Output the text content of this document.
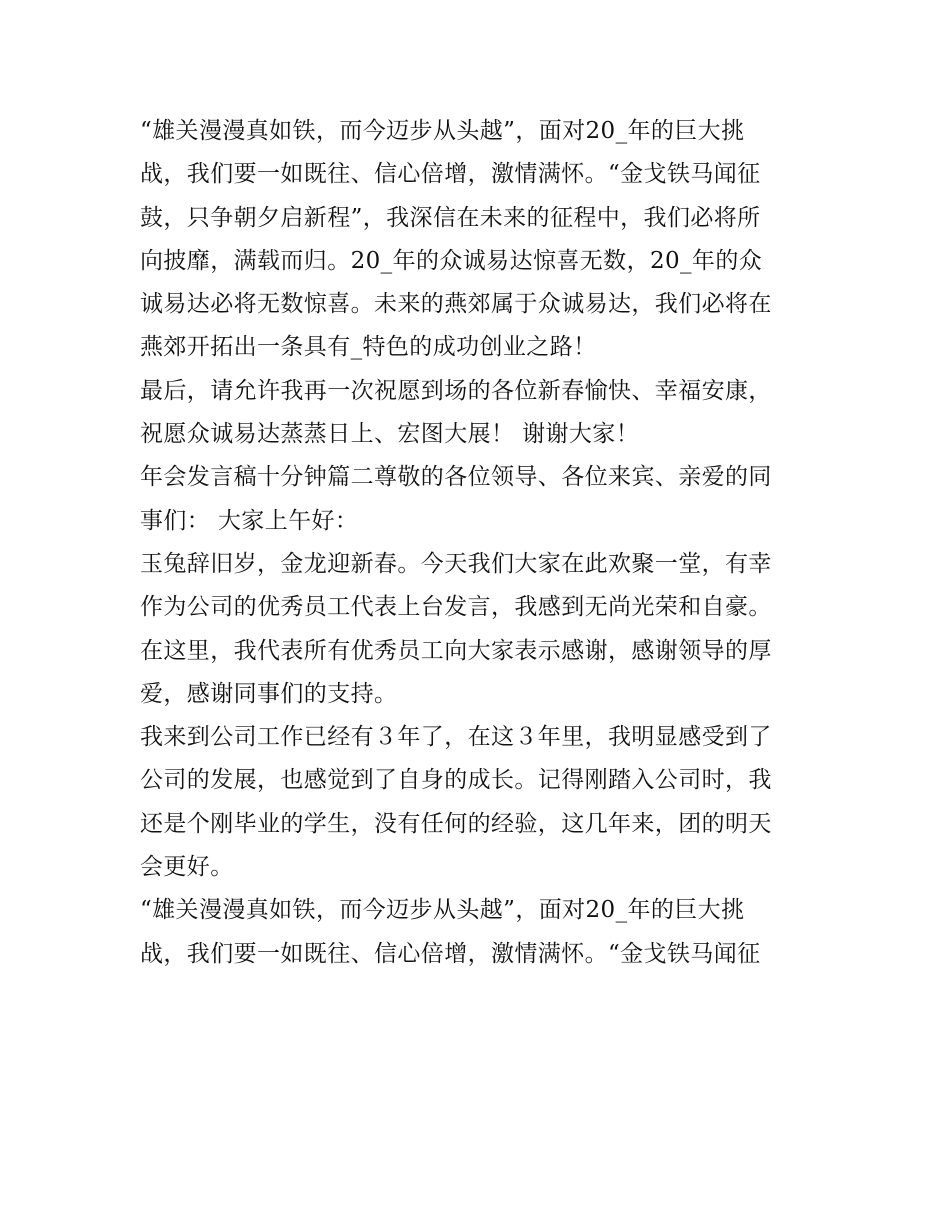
“雄关漫漫真如铁，而今迈步从头越”，面对20_年的巨大挑
战，我们要一如既往、信心倍增，激情满怀。“金戈铁马闻征
鼓，只争朝夕启新程”，我深信在未来的征程中，我们必将所
向披靡，满载而归。20_年的众诚易达惊喜无数，20_年的众
诚易达必将无数惊喜。未来的燕郊属于众诚易达，我们必将在
燕郊开拓出一条具有_特色的成功创业之路！
最后，请允许我再一次祝愿到场的各位新春愉快、幸福安康，
祝愿众诚易达蒸蒸日上、宏图大展！ 谢谢大家！
年会发言稿十分钟篇二尊敬的各位领导、各位来宾、亲爱的同
事们： 大家上午好：
玉兔辞旧岁，金龙迎新春。今天我们大家在此欢聚一堂，有幸
作为公司的优秀员工代表上台发言，我感到无尚光荣和自豪。
在这里，我代表所有优秀员工向大家表示感谢，感谢领导的厚
爱，感谢同事们的支持。
我来到公司工作已经有３年了，在这３年里，我明显感受到了
公司的发展，也感觉到了自身的成长。记得刚踏入公司时，我
还是个刚毕业的学生，没有任何的经验，这几年来，团的明天
会更好。
“雄关漫漫真如铁，而今迈步从头越”，面对20_年的巨大挑
战，我们要一如既往、信心倍增，激情满怀。“金戈铁马闻征
